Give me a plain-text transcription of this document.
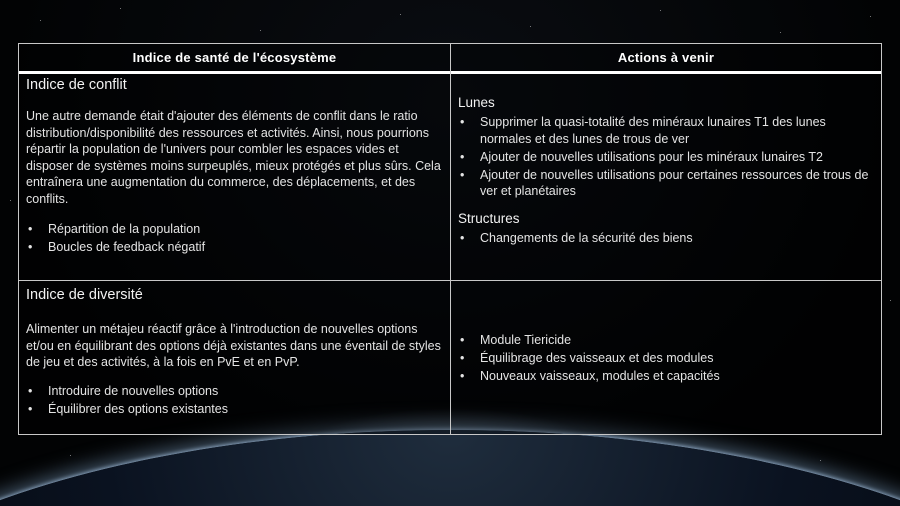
Indice de santé de l'écosystème	Actions à venir

Indice de conflit

Une autre demande était d'ajouter des éléments de conflit dans le ratio distribution/disponibilité des ressources et activités. Ainsi, nous pourrions répartir la population de l'univers pour combler les espaces vides et disposer de systèmes moins surpeuplés, mieux protégés et plus sûrs. Cela entraînera une augmentation du commerce, des déplacements, et des conflits.

• Répartition de la population
• Boucles de feedback négatif

Lunes

• Supprimer la quasi-totalité des minéraux lunaires T1 des lunes normales et des lunes de trous de ver
• Ajouter de nouvelles utilisations pour les minéraux lunaires T2
• Ajouter de nouvelles utilisations pour certaines ressources de trous de ver et planétaires

Structures

• Changements de la sécurité des biens

Indice de diversité

Alimenter un métajeu réactif grâce à l'introduction de nouvelles options et/ou en équilibrant des options déjà existantes dans une éventail de styles de jeu et des activités, à la fois en PvE et en PvP.

• Introduire de nouvelles options
• Équilibrer des options existantes
• Module Tiericide
• Équilibrage des vaisseaux et des modules
• Nouveaux vaisseaux, modules et capacités
